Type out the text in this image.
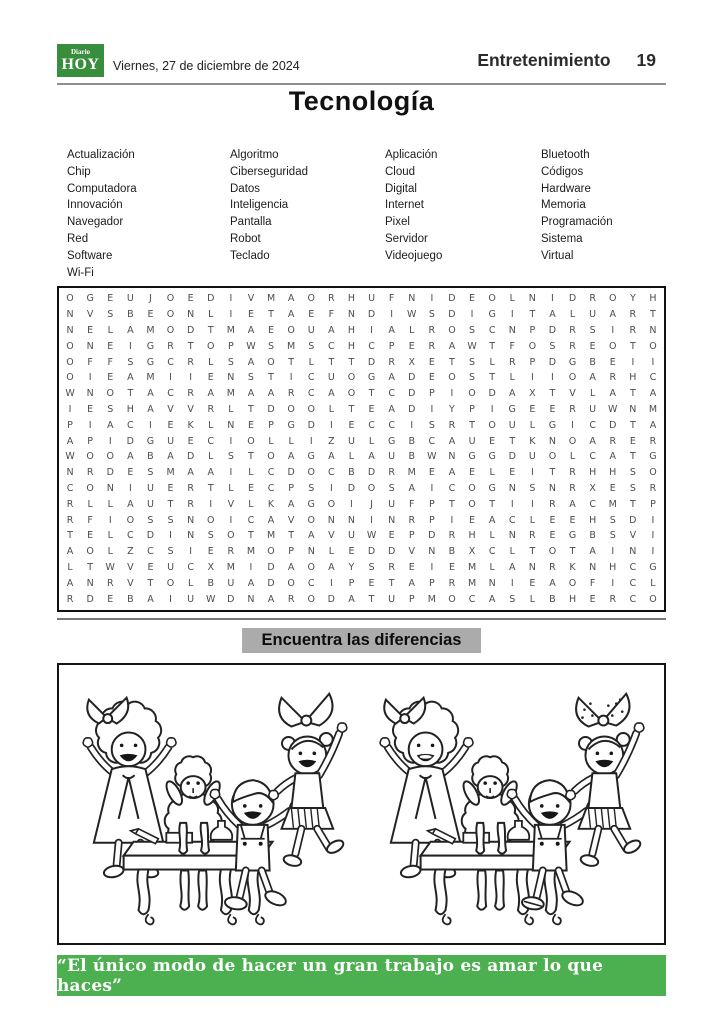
Diario
HOY Viernes, 27 de diciembre de 2024	Entretenimiento 19
Tecnología
Actualización
Chip
Computadora
Innovación
Navegador
Red
Software
Wi-Fi
Algoritmo
Ciberseguridad
Datos
Inteligencia
Pantalla
Robot
Teclado
Aplicación
Cloud
Digital
Internet
Pixel
Servidor
Videojuego
Bluetooth
Códigos
Hardware
Memoria
Programación
Sistema
Virtual
O	G	E	U	J	O	E	D	I	V	M	A	O	R	H	U	F	N	I	D	E	O	L	N	I	D	R	O	Y	H
N	V	S	B	E	O	N	L	I	E	T	A	E	F	N	D	I	W	S	D	I	G	I	T	A	L	U	A	R	T
N	E	L	A	M	O	D	T	M	A	E	O	U	A	H	I	A	L	R	O	S	C	N	P	D	R	S	I	R	N
O	N	E	I	G	R	T	O	P	W	S	M	S	C	H	C	P	E	R	A	W	T	F	O	S	R	E	O	T	O
O	F	F	S	G	C	R	L	S	A	O	T	L	T	T	D	R	X	E	T	S	L	R	P	D	G	B	E	I	I
O	I	E	A	M	I	I	E	N	S	T	I	C	U	O	G	A	D	E	O	S	T	L	I	I	O	A	R	H	C
W	N	O	T	A	C	R	A	M	A	A	R	C	A	O	T	C	D	P	I	O	D	A	X	T	V	L	A	T	A
I	E	S	H	A	V	V	R	L	T	D	O	O	L	T	E	A	D	I	Y	P	I	G	E	E	R	U	W	N	M
P	I	A	C	I	E	K	L	N	E	P	G	D	I	E	C	C	I	S	R	T	O	U	L	G	I	C	D	T	A
A	P	I	D	G	U	E	C	I	O	L	L	I	Z	U	L	G	B	C	A	U	E	T	K	N	O	A	R	E	R
W	O	O	A	B	A	D	L	S	T	O	A	G	A	L	A	U	B	W	N	G	G	D	U	O	L	C	A	T	G
N	R	D	E	S	M	A	A	I	L	C	D	O	C	B	D	R	M	E	A	E	L	E	I	T	R	H	H	S	O
C	O	N	I	U	E	R	T	L	E	C	P	S	I	D	O	S	A	I	C	O	G	N	S	N	R	X	E	S	R
R	L	L	A	U	T	R	I	V	L	K	A	G	O	I	J	U	F	P	T	O	T	I	I	R	A	C	M	T	P
R	F	I	O	S	S	N	O	I	C	A	V	O	N	N	I	N	R	P	I	E	A	C	L	E	E	H	S	D	I
T	E	L	C	D	I	N	S	O	T	M	T	A	V	U	W	E	P	D	R	H	L	N	R	E	G	B	S	V	I
A	O	L	Z	C	S	I	E	R	M	O	P	N	L	E	D	D	V	N	B	X	C	L	T	O	T	A	I	N	I
L	T	W	V	E	U	C	X	M	I	D	A	O	A	Y	S	R	E	I	E	M	L	A	N	R	K	N	H	C	G
A	N	R	V	T	O	L	B	U	A	D	O	C	I	P	E	T	A	P	R	M	N	I	E	A	O	F	I	C	L
R	D	E	B	A	I	U	W	D	N	A	R	O	D	A	T	U	P	M	O	C	A	S	L	B	H	E	R	C	O
Encuentra las diferencias
“El único modo de hacer un gran trabajo es amar lo que haces”
